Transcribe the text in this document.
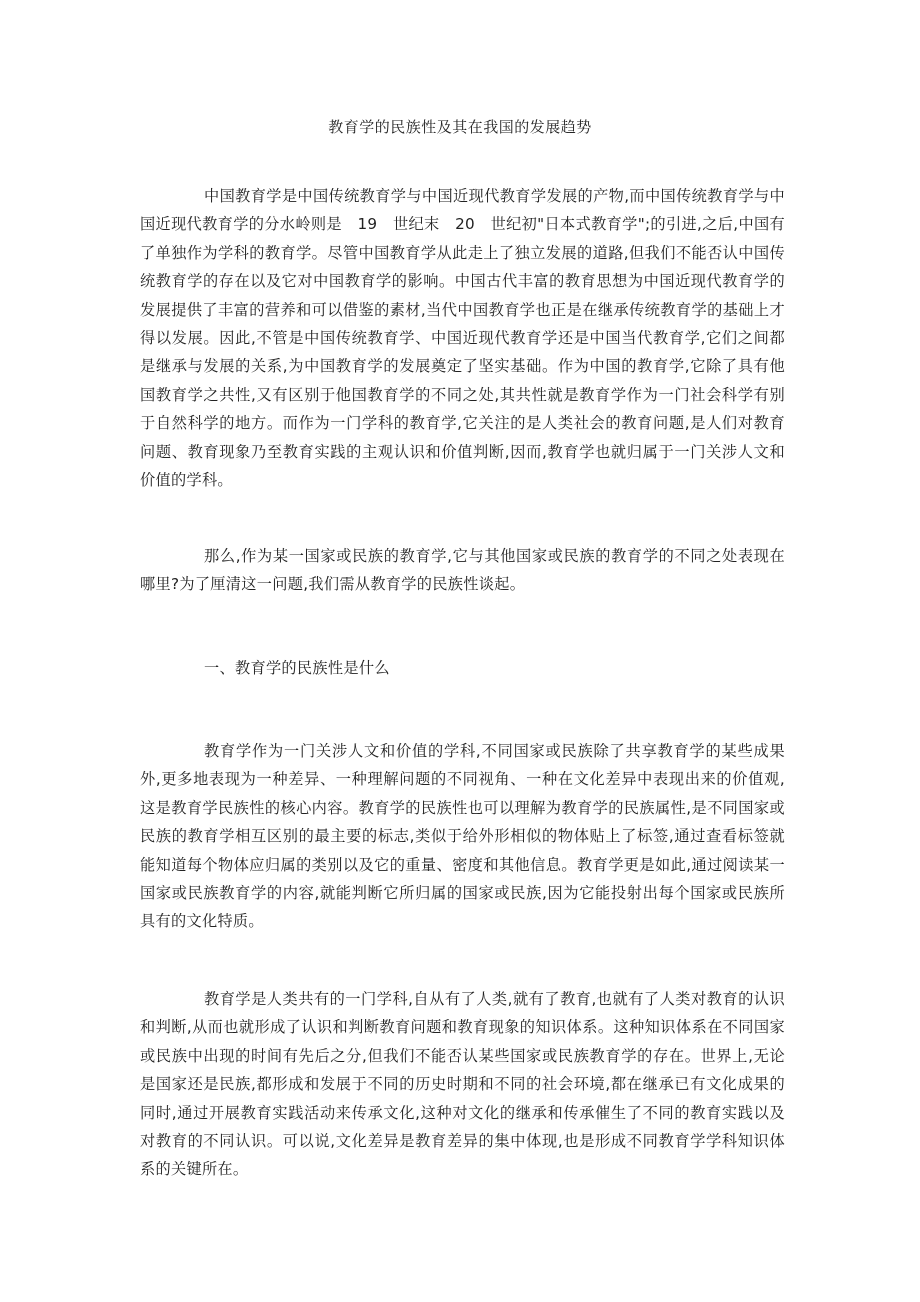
教育学的民族性及其在我国的发展趋势

中国教育学是中国传统教育学与中国近现代教育学发展的产物,而中国传统教育学与中国近现代教育学的分水岭则是　19　世纪末　20　世纪初"日本式教育学";的引进,之后,中国有了单独作为学科的教育学。尽管中国教育学从此走上了独立发展的道路,但我们不能否认中国传统教育学的存在以及它对中国教育学的影响。中国古代丰富的教育思想为中国近现代教育学的发展提供了丰富的营养和可以借鉴的素材,当代中国教育学也正是在继承传统教育学的基础上才得以发展。因此,不管是中国传统教育学、中国近现代教育学还是中国当代教育学,它们之间都是继承与发展的关系,为中国教育学的发展奠定了坚实基础。作为中国的教育学,它除了具有他国教育学之共性,又有区别于他国教育学的不同之处,其共性就是教育学作为一门社会科学有别于自然科学的地方。而作为一门学科的教育学,它关注的是人类社会的教育问题,是人们对教育问题、教育现象乃至教育实践的主观认识和价值判断,因而,教育学也就归属于一门关涉人文和价值的学科。

那么,作为某一国家或民族的教育学,它与其他国家或民族的教育学的不同之处表现在哪里?为了厘清这一问题,我们需从教育学的民族性谈起。

一、教育学的民族性是什么

教育学作为一门关涉人文和价值的学科,不同国家或民族除了共享教育学的某些成果外,更多地表现为一种差异、一种理解问题的不同视角、一种在文化差异中表现出来的价值观,这是教育学民族性的核心内容。教育学的民族性也可以理解为教育学的民族属性,是不同国家或民族的教育学相互区别的最主要的标志,类似于给外形相似的物体贴上了标签,通过查看标签就能知道每个物体应归属的类别以及它的重量、密度和其他信息。教育学更是如此,通过阅读某一国家或民族教育学的内容,就能判断它所归属的国家或民族,因为它能投射出每个国家或民族所具有的文化特质。

教育学是人类共有的一门学科,自从有了人类,就有了教育,也就有了人类对教育的认识和判断,从而也就形成了认识和判断教育问题和教育现象的知识体系。这种知识体系在不同国家或民族中出现的时间有先后之分,但我们不能否认某些国家或民族教育学的存在。世界上,无论是国家还是民族,都形成和发展于不同的历史时期和不同的社会环境,都在继承已有文化成果的同时,通过开展教育实践活动来传承文化,这种对文化的继承和传承催生了不同的教育实践以及对教育的不同认识。可以说,文化差异是教育差异的集中体现,也是形成不同教育学学科知识体系的关键所在。
